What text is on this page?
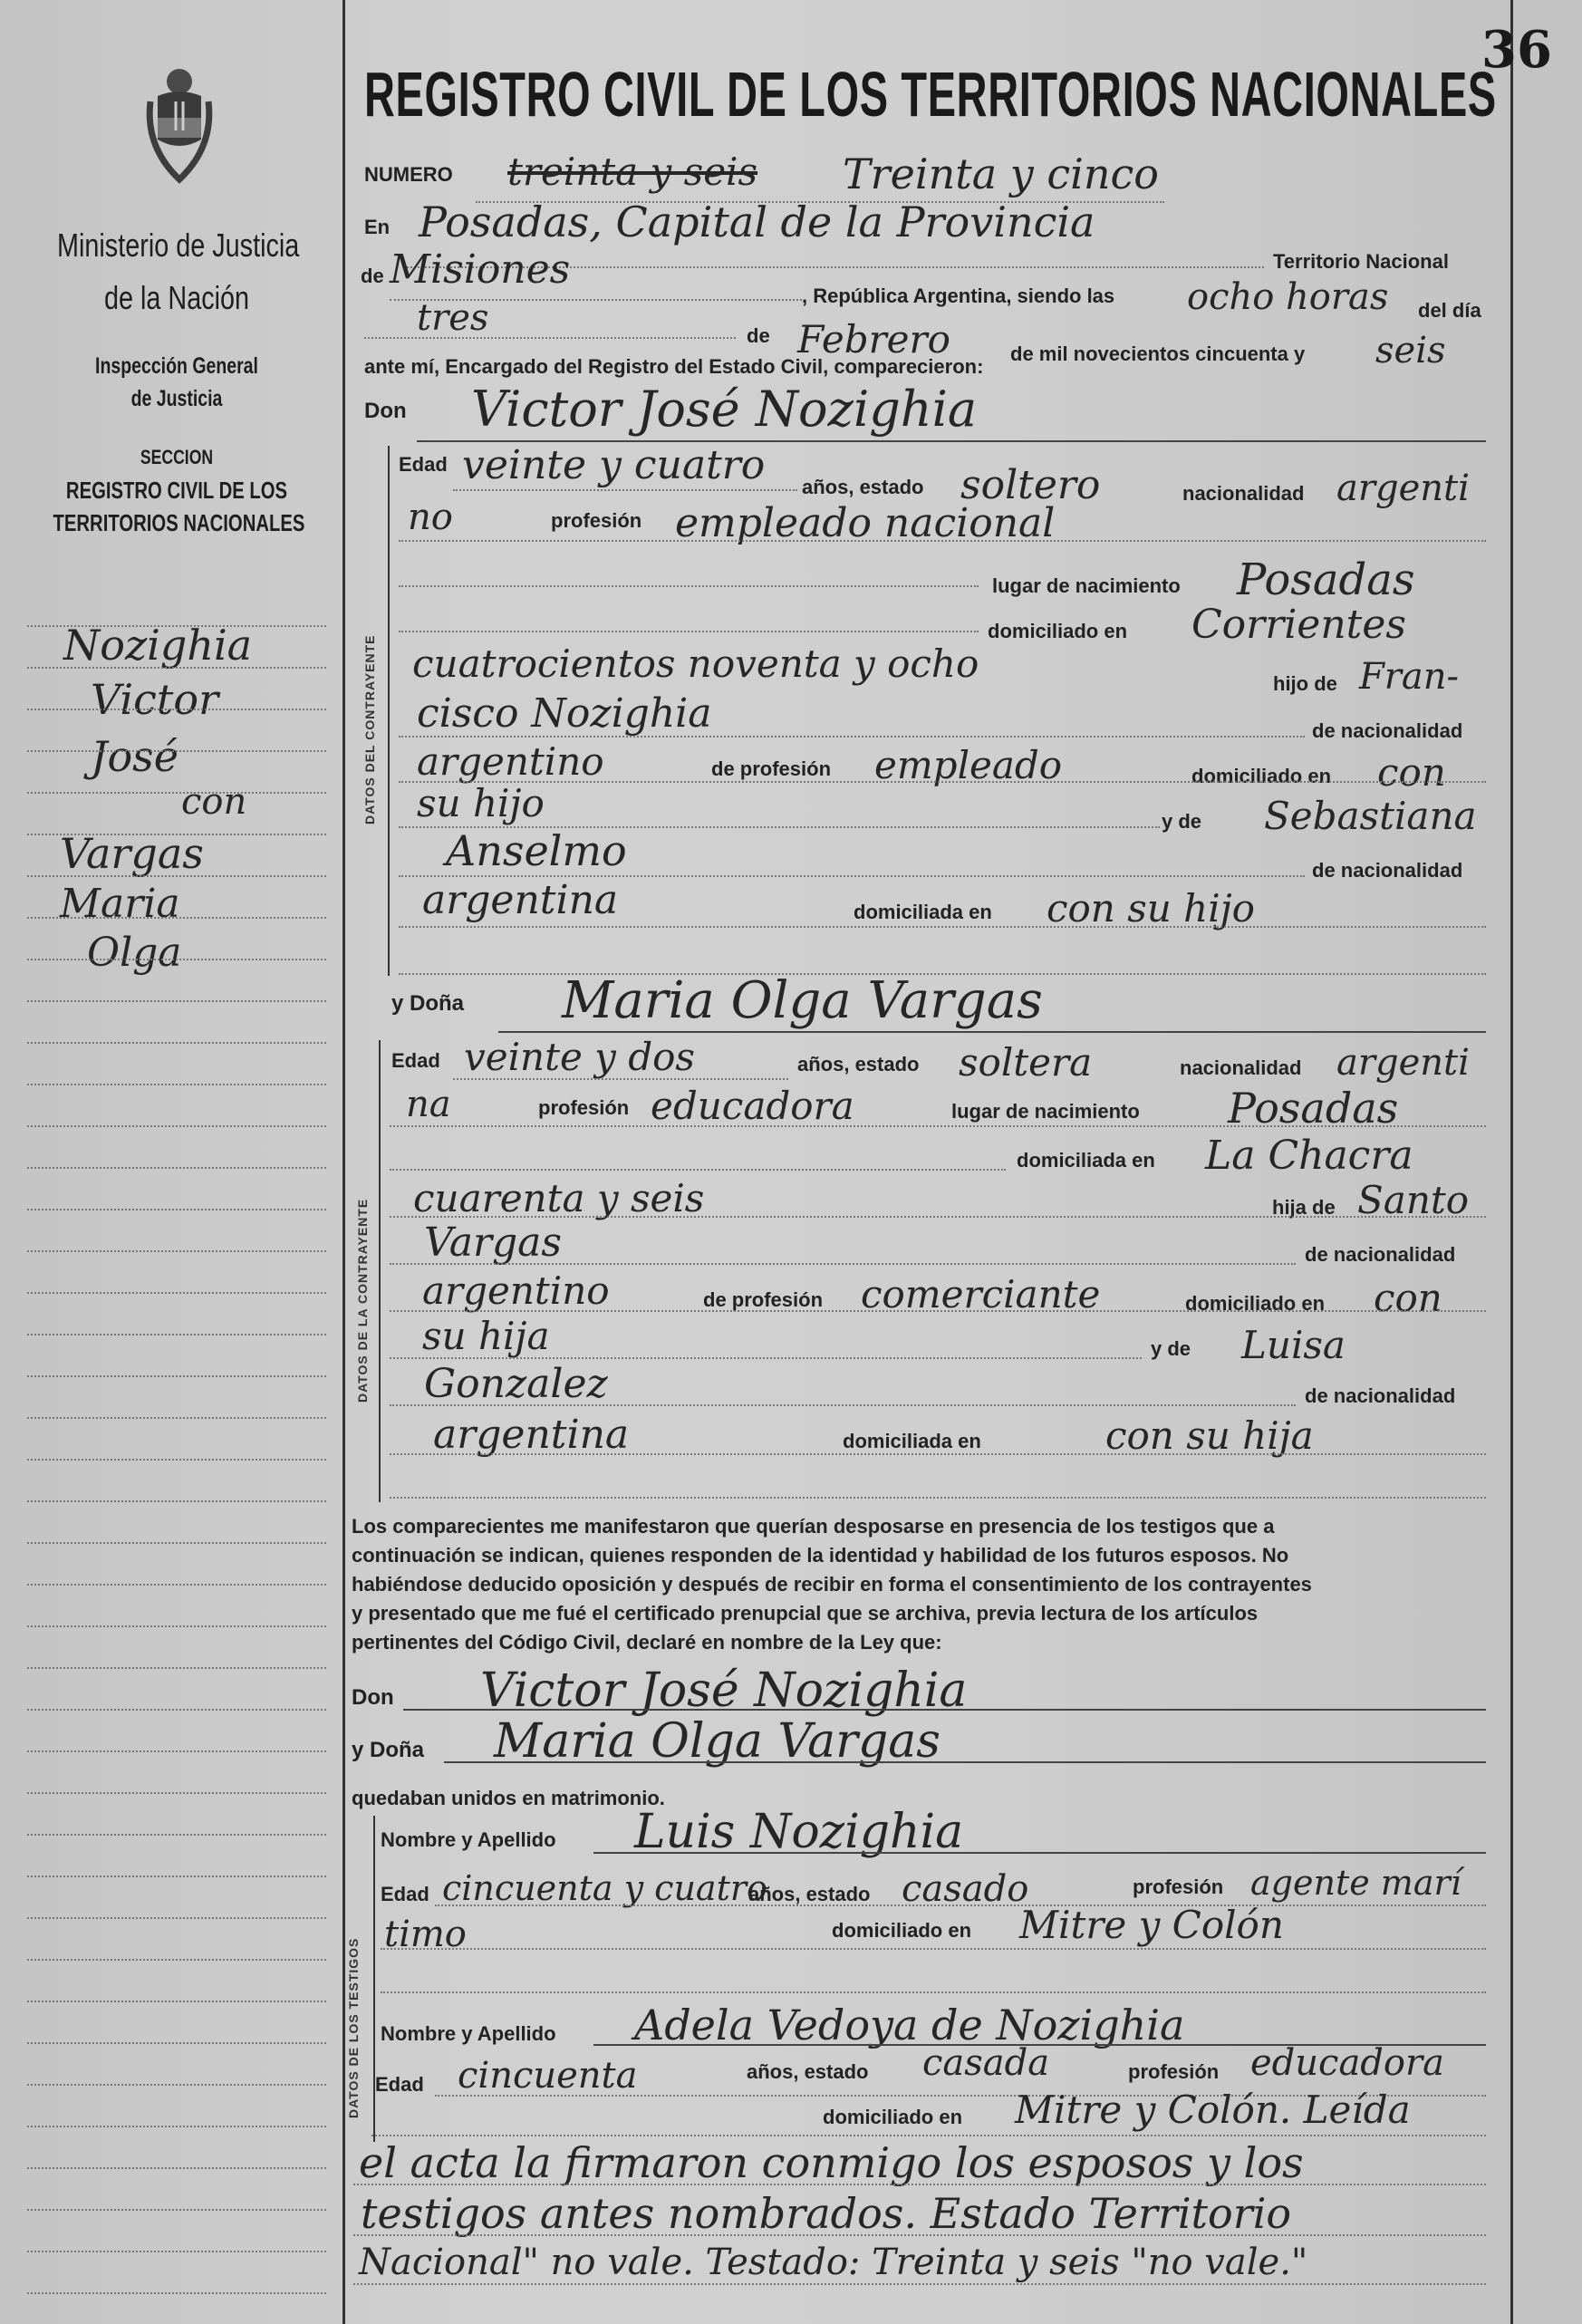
Ministerio de Justicia
de la Nación
Inspección General
de Justicia
SECCION
REGISTRO CIVIL DE LOS
TERRITORIOS NACIONALES
Nozighia
Victor
José
con
Vargas
Maria
Olga
36
REGISTRO CIVIL DE LOS TERRITORIOS NACIONALES
NUMERO treinta y seis Treinta y cinco
En Posadas, Capital de la Provincia
Territorio Nacional
de Misiones
, República Argentina, siendo las ocho horas del día
tres	de Febrero	de mil novecientos cincuenta y seis
ante mí, Encargado del Registro del Estado Civil, comparecieron:
Don Victor José Nozighia
DATOS DEL CONTRAYENTE
Edad veinte y cuatro años, estado soltero	nacionalidad argenti
no	profesión empleado nacional
lugar de nacimiento Posadas
domiciliado en Corrientes
cuatrocientos noventa y ocho	hijo de Fran-
cisco Nozighia	de nacionalidad
argentino	de profesión empleado	domiciliado en con
su hijo	y de Sebastiana
Anselmo	de nacionalidad
argentina	domiciliada en con su hijo
y Doña Maria Olga Vargas
DATOS DE LA CONTRAYENTE
Edad veinte y dos	años, estado soltera	nacionalidad argenti
na	profesión educadora	lugar de nacimiento Posadas
domiciliada en La Chacra
cuarenta y seis	hija de Santo
Vargas	de nacionalidad
argentino	de profesión comerciante	domiciliado en con
su hija	y de Luisa
Gonzalez	de nacionalidad
argentina	domiciliada en	con su hija
Los comparecientes me manifestaron que querían desposarse en presencia de los testigos que a
continuación se indican, quienes responden de la identidad y habilidad de los futuros esposos. No
habiéndose deducido oposición y después de recibir en forma el consentimiento de los contrayentes
y presentado que me fué el certificado prenupcial que se archiva, previa lectura de los artículos
pertinentes del Código Civil, declaré en nombre de la Ley que:
Don Victor José Nozighia
y Doña Maria Olga Vargas
quedaban unidos en matrimonio.
DATOS DE LOS TESTIGOS
Nombre y Apellido Luis Nozighia
Edad cincuenta y cuatro
años, estado casado	profesión agente marí
timo	domiciliado en Mitre y Colón
Nombre y Apellido Adela Vedoya de Nozighia
Edad cincuenta	años, estado casada	profesión educadora
domiciliado en Mitre y Colón. Leída
el acta la firmaron conmigo los esposos y los
testigos antes nombrados. Estado Territorio
Nacional" no vale. Testado: Treinta y seis "no vale."
